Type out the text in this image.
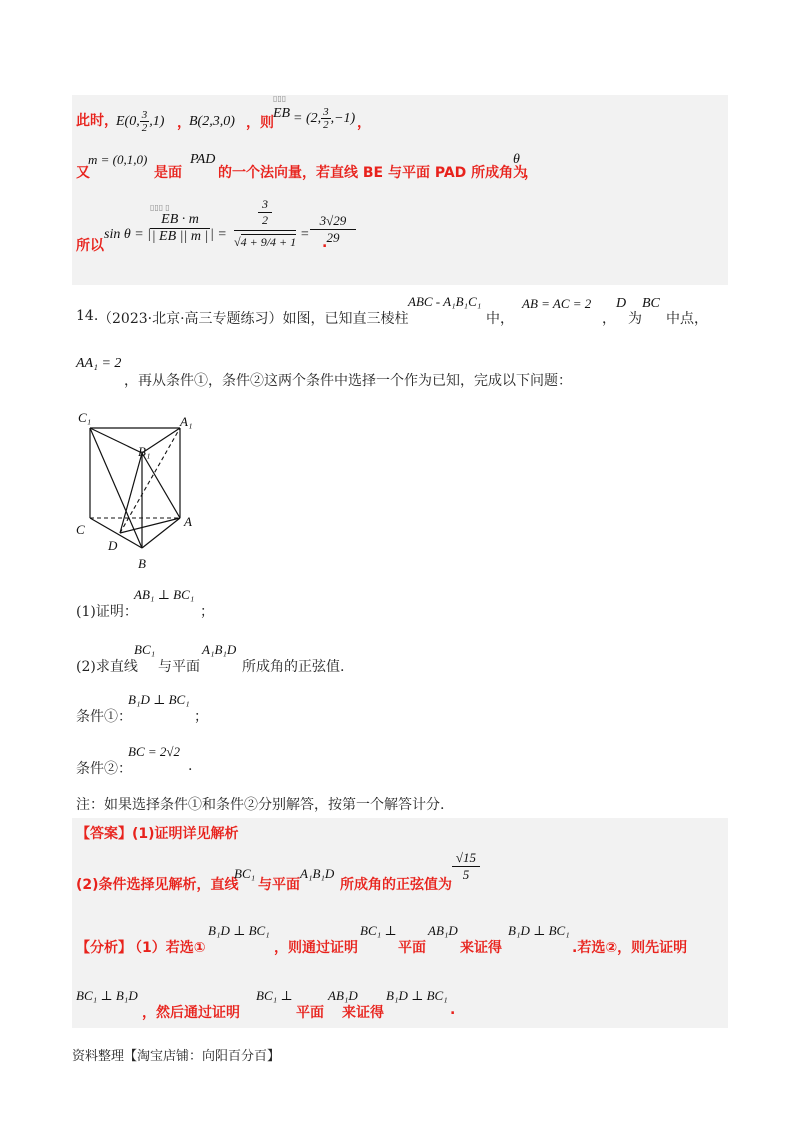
此时，
E(0, $\frac{3}{2} ,1$) ，
B(2,3,0) ，则
▯▯▯
EB = (2, $\frac{3}{2} ,-1$) ，
又
m = (0,1,0)
是面
PAD
的一个法向量，若直线 BE 与平面 PAD 所成角为
θ
，
所以
sin θ = |
▯▯▯ ▯
EB · m
| EB || m | | =
3
2
√4 + 9/4 + 1 =
3√29
29
.
14. （2023·北京·高三专题练习）如图，已知直三棱柱
ABC - A₁B₁C₁
中，
AB = AC = 2
，
D
为
BC
中点，
AA₁ = 2
，再从条件①，条件②这两个条件中选择一个作为已知，完成以下问题：
C₁	A₁
B₁
C
A
D
B
(1)证明：
AB₁ ⊥ BC₁
；
(2)求直线
BC₁
与平面
A₁B₁D
所成角的正弦值.
条件①：
B₁D ⊥ BC₁
；
条件②：
BC = 2√2
.
注：如果选择条件①和条件②分别解答，按第一个解答计分.
【答案】(1)证明详见解析
(2)条件选择见解析，直线
BC₁
与平面
A₁B₁D
所成角的正弦值为
√15
5
【分析】
（1）若选①
B₁D ⊥ BC₁
，则通过证明
BC₁ ⊥
平面
AB₁D
来证得
B₁D ⊥ BC₁
.若选②，则先证明
BC₁ ⊥ B₁D
，然后通过证明
BC₁ ⊥
平面
AB₁D
来证得
B₁D ⊥ BC₁
.
资料整理【淘宝店铺：向阳百分百】
